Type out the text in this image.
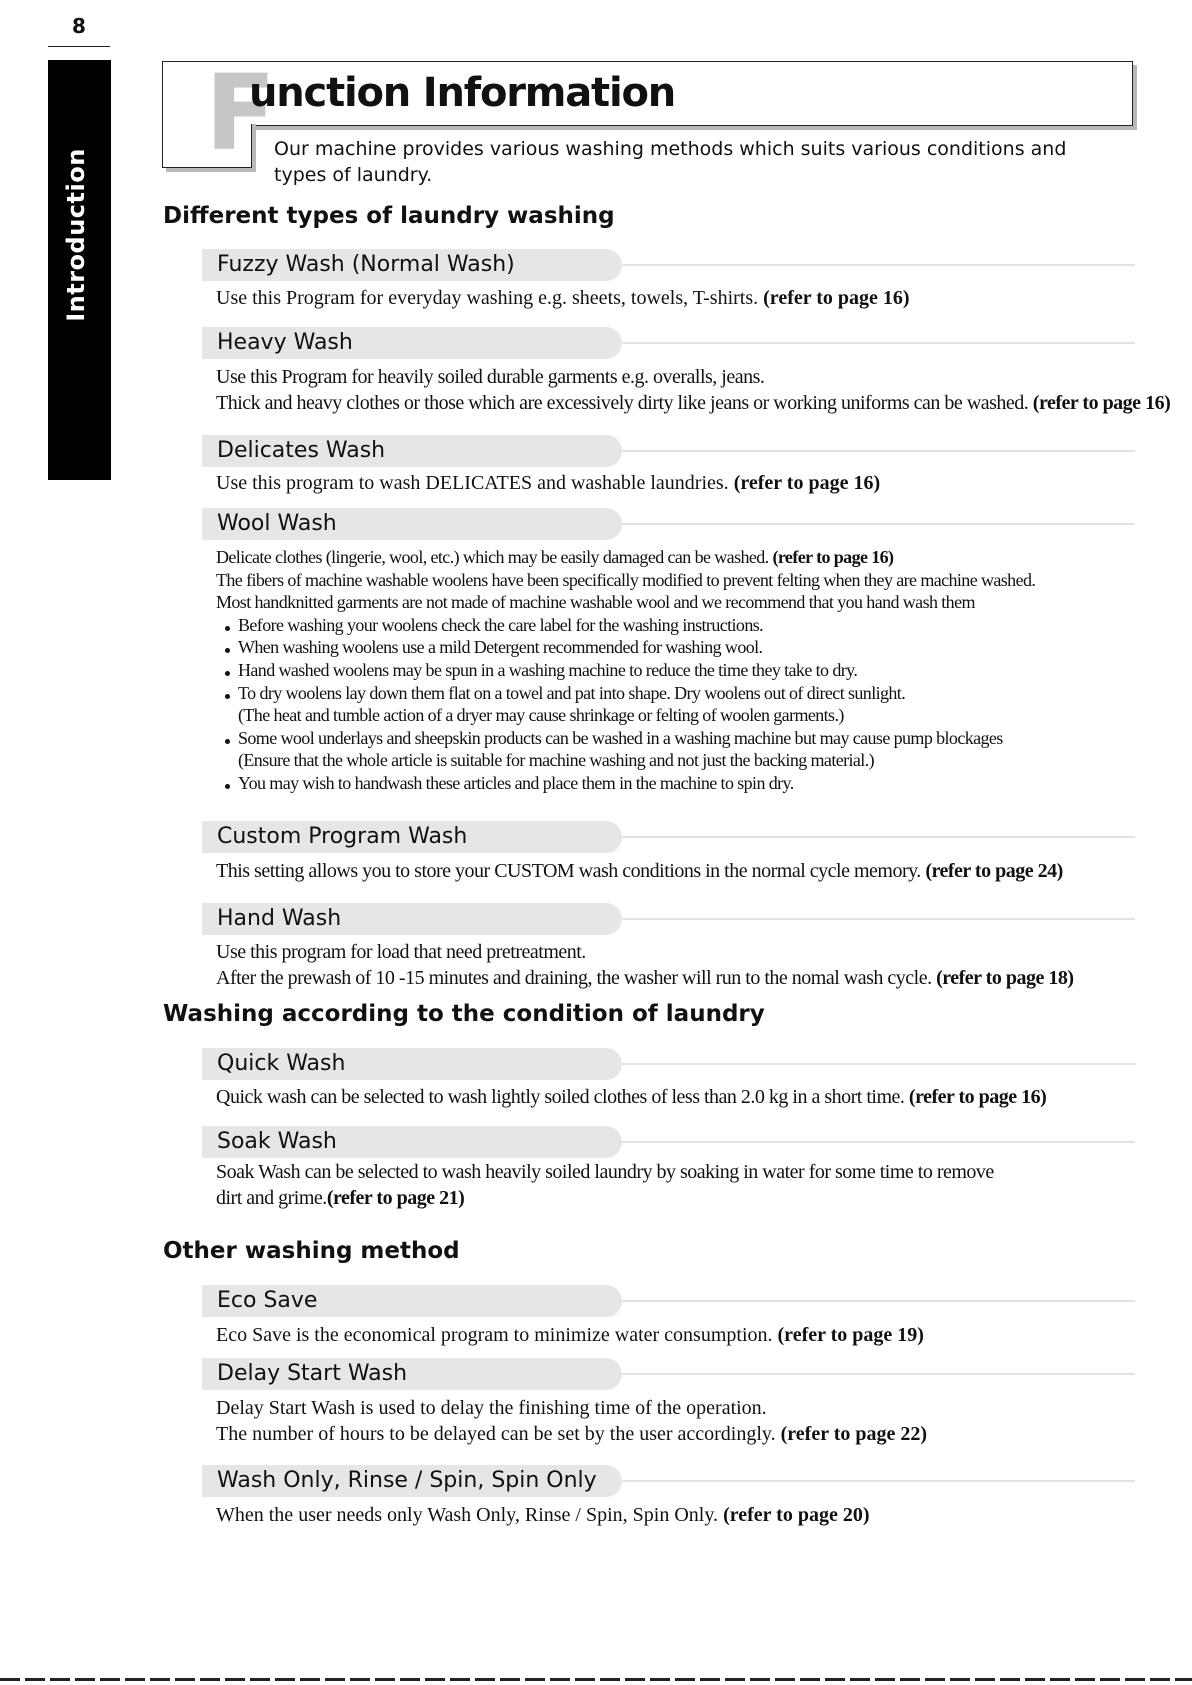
8
Introduction
F
unction Information
Our machine provides various washing methods which suits various conditions and types of laundry.
Different types of laundry washing
Fuzzy Wash (Normal Wash)

Use this Program for everyday washing e.g. sheets, towels, T-shirts. (refer to page 16)

Heavy Wash

Use this Program for heavily soiled durable garments e.g. overalls, jeans.

Thick and heavy clothes or those which are excessively dirty like jeans or working uniforms can be washed. (refer to page 16)

Delicates Wash

Use this program to wash DELICATES and washable laundries. (refer to page 16)

Wool Wash

Delicate clothes (lingerie, wool, etc.) which may be easily damaged can be washed. (refer to page 16)

The fibers of machine washable woolens have been specifically modified to prevent felting when they are machine washed.

Most handknitted garments are not made of machine washable wool and we recommend that you hand wash them

Before washing your woolens check the care label for the washing instructions.

When washing woolens use a mild Detergent recommended for washing wool.

Hand washed woolens may be spun in a washing machine to reduce the time they take to dry.

To dry woolens lay down them flat on a towel and pat into shape. Dry woolens out of direct sunlight.

(The heat and tumble action of a dryer may cause shrinkage or felting of woolen garments.)

Some wool underlays and sheepskin products can be washed in a washing machine but may cause pump blockages

(Ensure that the whole article is suitable for machine washing and not just the backing material.)

You may wish to handwash these articles and place them in the machine to spin dry.

Custom Program Wash

This setting allows you to store your CUSTOM wash conditions in the normal cycle memory. (refer to page 24)

Hand Wash

Use this program for load that need pretreatment.

After the prewash of 10 -15 minutes and draining, the washer will run to the nomal wash cycle. (refer to page 18)

Washing according to the condition of laundry
Quick Wash

Quick wash can be selected to wash lightly soiled clothes of less than 2.0 kg in a short time. (refer to page 16)

Soak Wash

Soak Wash can be selected to wash heavily soiled laundry by soaking in water for some time to remove

dirt and grime.(refer to page 21)

Other washing method
Eco Save

Eco Save is the economical program to minimize water consumption. (refer to page 19)

Delay Start Wash

Delay Start Wash is used to delay the finishing time of the operation.

The number of hours to be delayed can be set by the user accordingly. (refer to page 22)

Wash Only, Rinse / Spin, Spin Only

When the user needs only Wash Only, Rinse / Spin, Spin Only. (refer to page 20)
